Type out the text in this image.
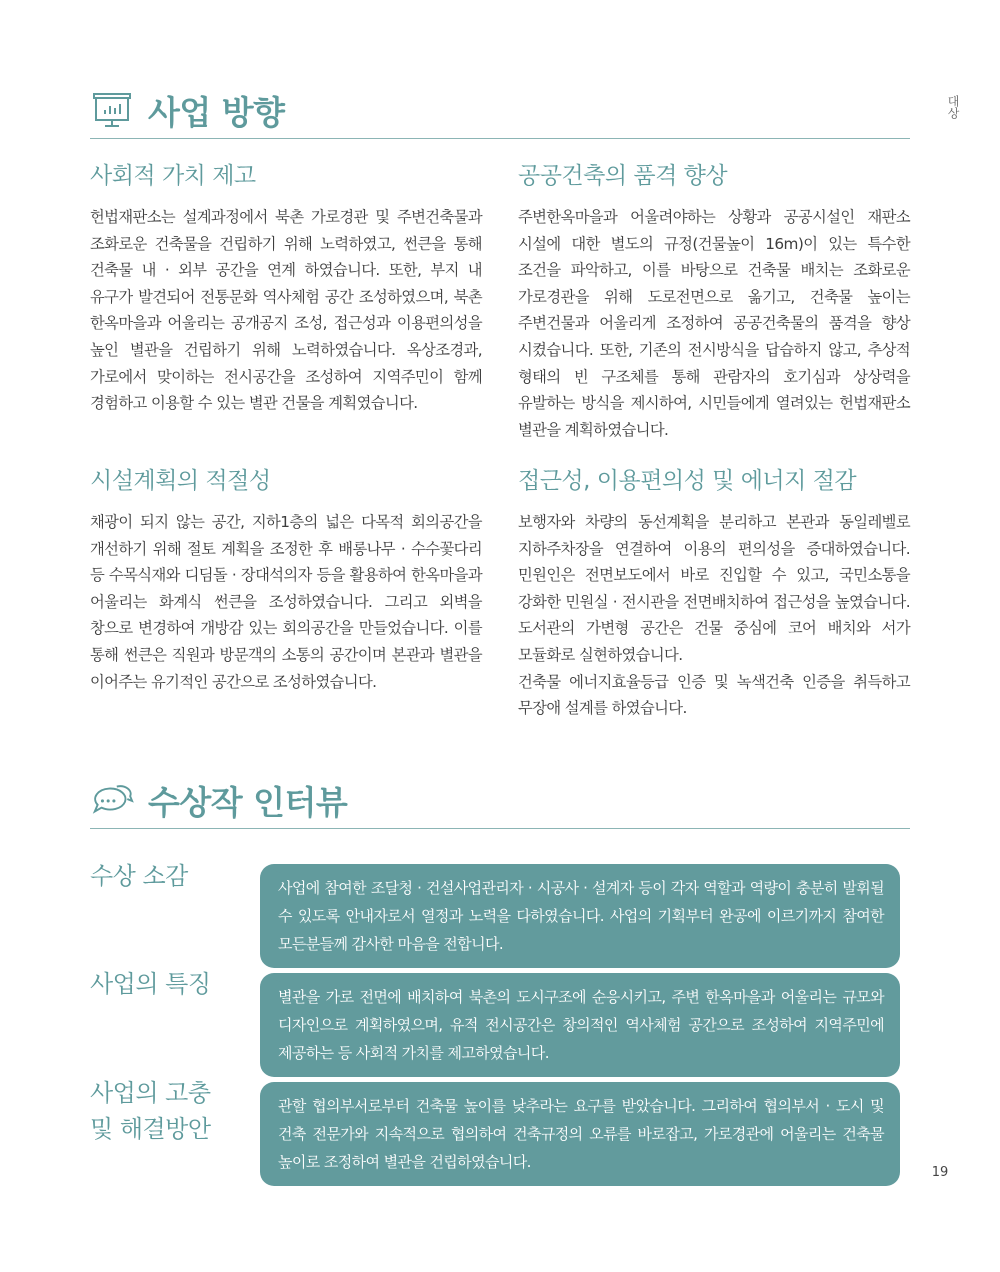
대상
사업 방향
사회적 가치 제고

헌법재판소는 설계과정에서 북촌 가로경관 및 주변건축물과 조화로운 건축물을 건립하기 위해 노력하였고, 썬큰을 통해 건축물 내 · 외부 공간을 연계 하였습니다. 또한, 부지 내 유구가 발견되어 전통문화 역사체험 공간 조성하였으며, 북촌 한옥마을과 어울리는 공개공지 조성, 접근성과 이용편의성을 높인 별관을 건립하기 위해 노력하였습니다. 옥상조경과, 가로에서 맞이하는 전시공간을 조성하여 지역주민이 함께 경험하고 이용할 수 있는 별관 건물을 계획였습니다.

공공건축의 품격 향상

주변한옥마을과 어울려야하는 상황과 공공시설인 재판소 시설에 대한 별도의 규정(건물높이 16m)이 있는 특수한 조건을 파악하고, 이를 바탕으로 건축물 배치는 조화로운 가로경관을 위해 도로전면으로 옮기고, 건축물 높이는 주변건물과 어울리게 조정하여 공공건축물의 품격을 향상 시켰습니다. 또한, 기존의 전시방식을 답습하지 않고, 추상적 형태의 빈 구조체를 통해 관람자의 호기심과 상상력을 유발하는 방식을 제시하여, 시민들에게 열려있는 헌법재판소 별관을 계획하였습니다.

시설계획의 적절성

채광이 되지 않는 공간, 지하1층의 넓은 다목적 회의공간을 개선하기 위해 절토 계획을 조정한 후 배롱나무 · 수수꽃다리 등 수목식재와 디딤돌 · 장대석의자 등을 활용하여 한옥마을과 어울리는 화계식 썬큰을 조성하였습니다. 그리고 외벽을 창으로 변경하여 개방감 있는 회의공간을 만들었습니다. 이를 통해 썬큰은 직원과 방문객의 소통의 공간이며 본관과 별관을 이어주는 유기적인 공간으로 조성하였습니다.

접근성, 이용편의성 및 에너지 절감

보행자와 차량의 동선계획을 분리하고 본관과 동일레벨로 지하주차장을 연결하여 이용의 편의성을 증대하였습니다. 민원인은 전면보도에서 바로 진입할 수 있고, 국민소통을 강화한 민원실 · 전시관을 전면배치하여 접근성을 높였습니다. 도서관의 가변형 공간은 건물 중심에 코어 배치와 서가 모듈화로 실현하였습니다.

건축물 에너지효율등급 인증 및 녹색건축 인증을 취득하고 무장애 설계를 하였습니다.

수상작 인터뷰
수상 소감	사업에 참여한 조달청 · 건설사업관리자 · 시공사 · 설계자 등이 각자 역할과 역량이 충분히 발휘될 수 있도록 안내자로서 열정과 노력을 다하였습니다. 사업의 기획부터 완공에 이르기까지 참여한 모든분들께 감사한 마음을 전합니다.

사업의 특징	별관을 가로 전면에 배치하여 북촌의 도시구조에 순응시키고, 주변 한옥마을과 어울리는 규모와 디자인으로 계획하였으며, 유적 전시공간은 창의적인 역사체험 공간으로 조성하여 지역주민에 제공하는 등 사회적 가치를 제고하였습니다.

사업의 고충
및 해결방안

관할 협의부서로부터 건축물 높이를 낮추라는 요구를 받았습니다. 그리하여 협의부서 · 도시 및 건축 전문가와 지속적으로 협의하여 건축규정의 오류를 바로잡고, 가로경관에 어울리는 건축물 높이로 조정하여 별관을 건립하였습니다.

19
